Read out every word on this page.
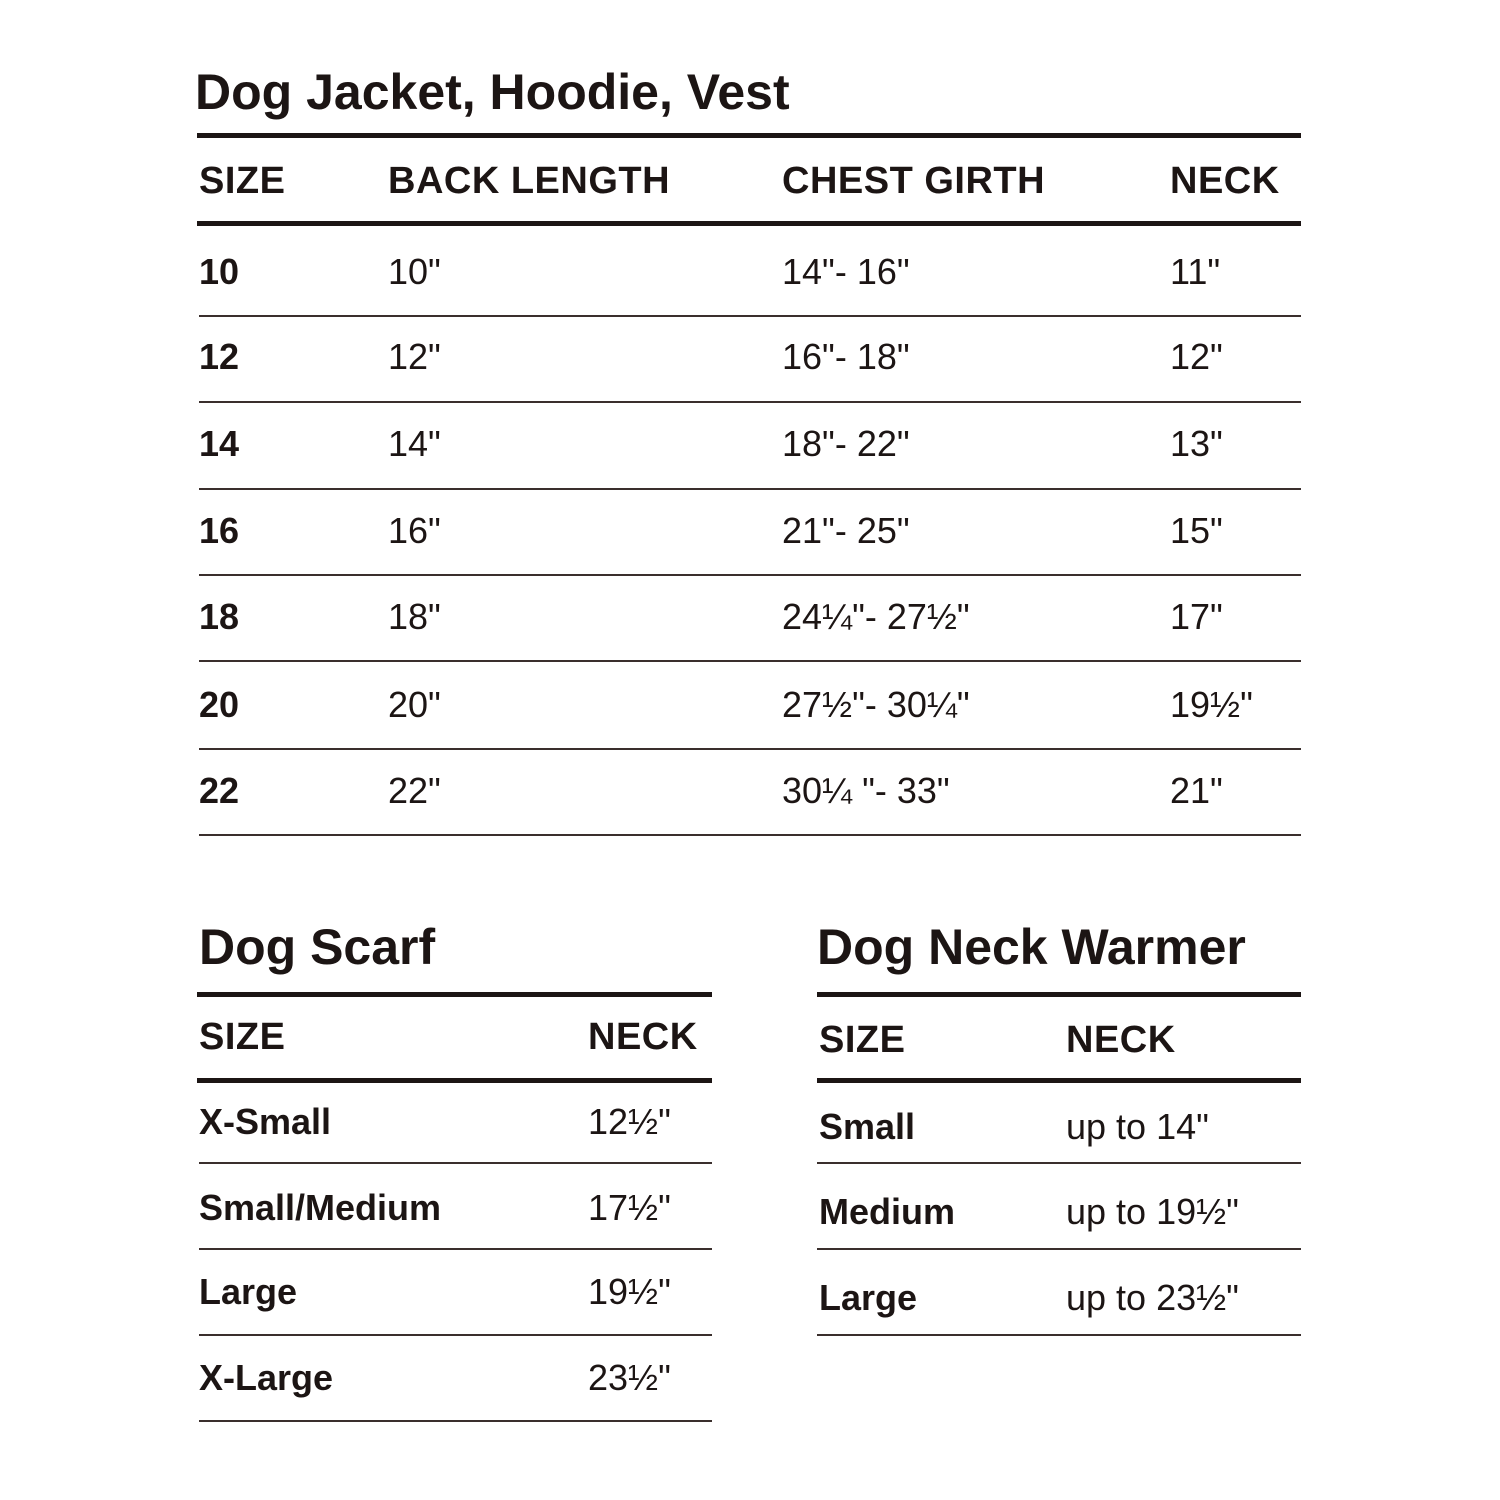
Dog Jacket, Hoodie, Vest
SIZE	BACK LENGTH	CHEST GIRTH	NECK
10	10"	14"- 16"	11"
12	12"	16"- 18"	12"
14	14"	18"- 22"	13"
16	16"	21"- 25"	15"
18	18"	24¼"- 27½"	17"
20	20"	27½"- 30¼"	19½"
22	22"	30¼ "- 33"	21"
Dog Scarf
SIZE	NECK
X-Small	12½"
Small/Medium	17½"
Large	19½"
X-Large	23½"
Dog Neck Warmer
SIZE	NECK
Small	up to 14"
Medium	up to 19½"
Large	up to 23½"
